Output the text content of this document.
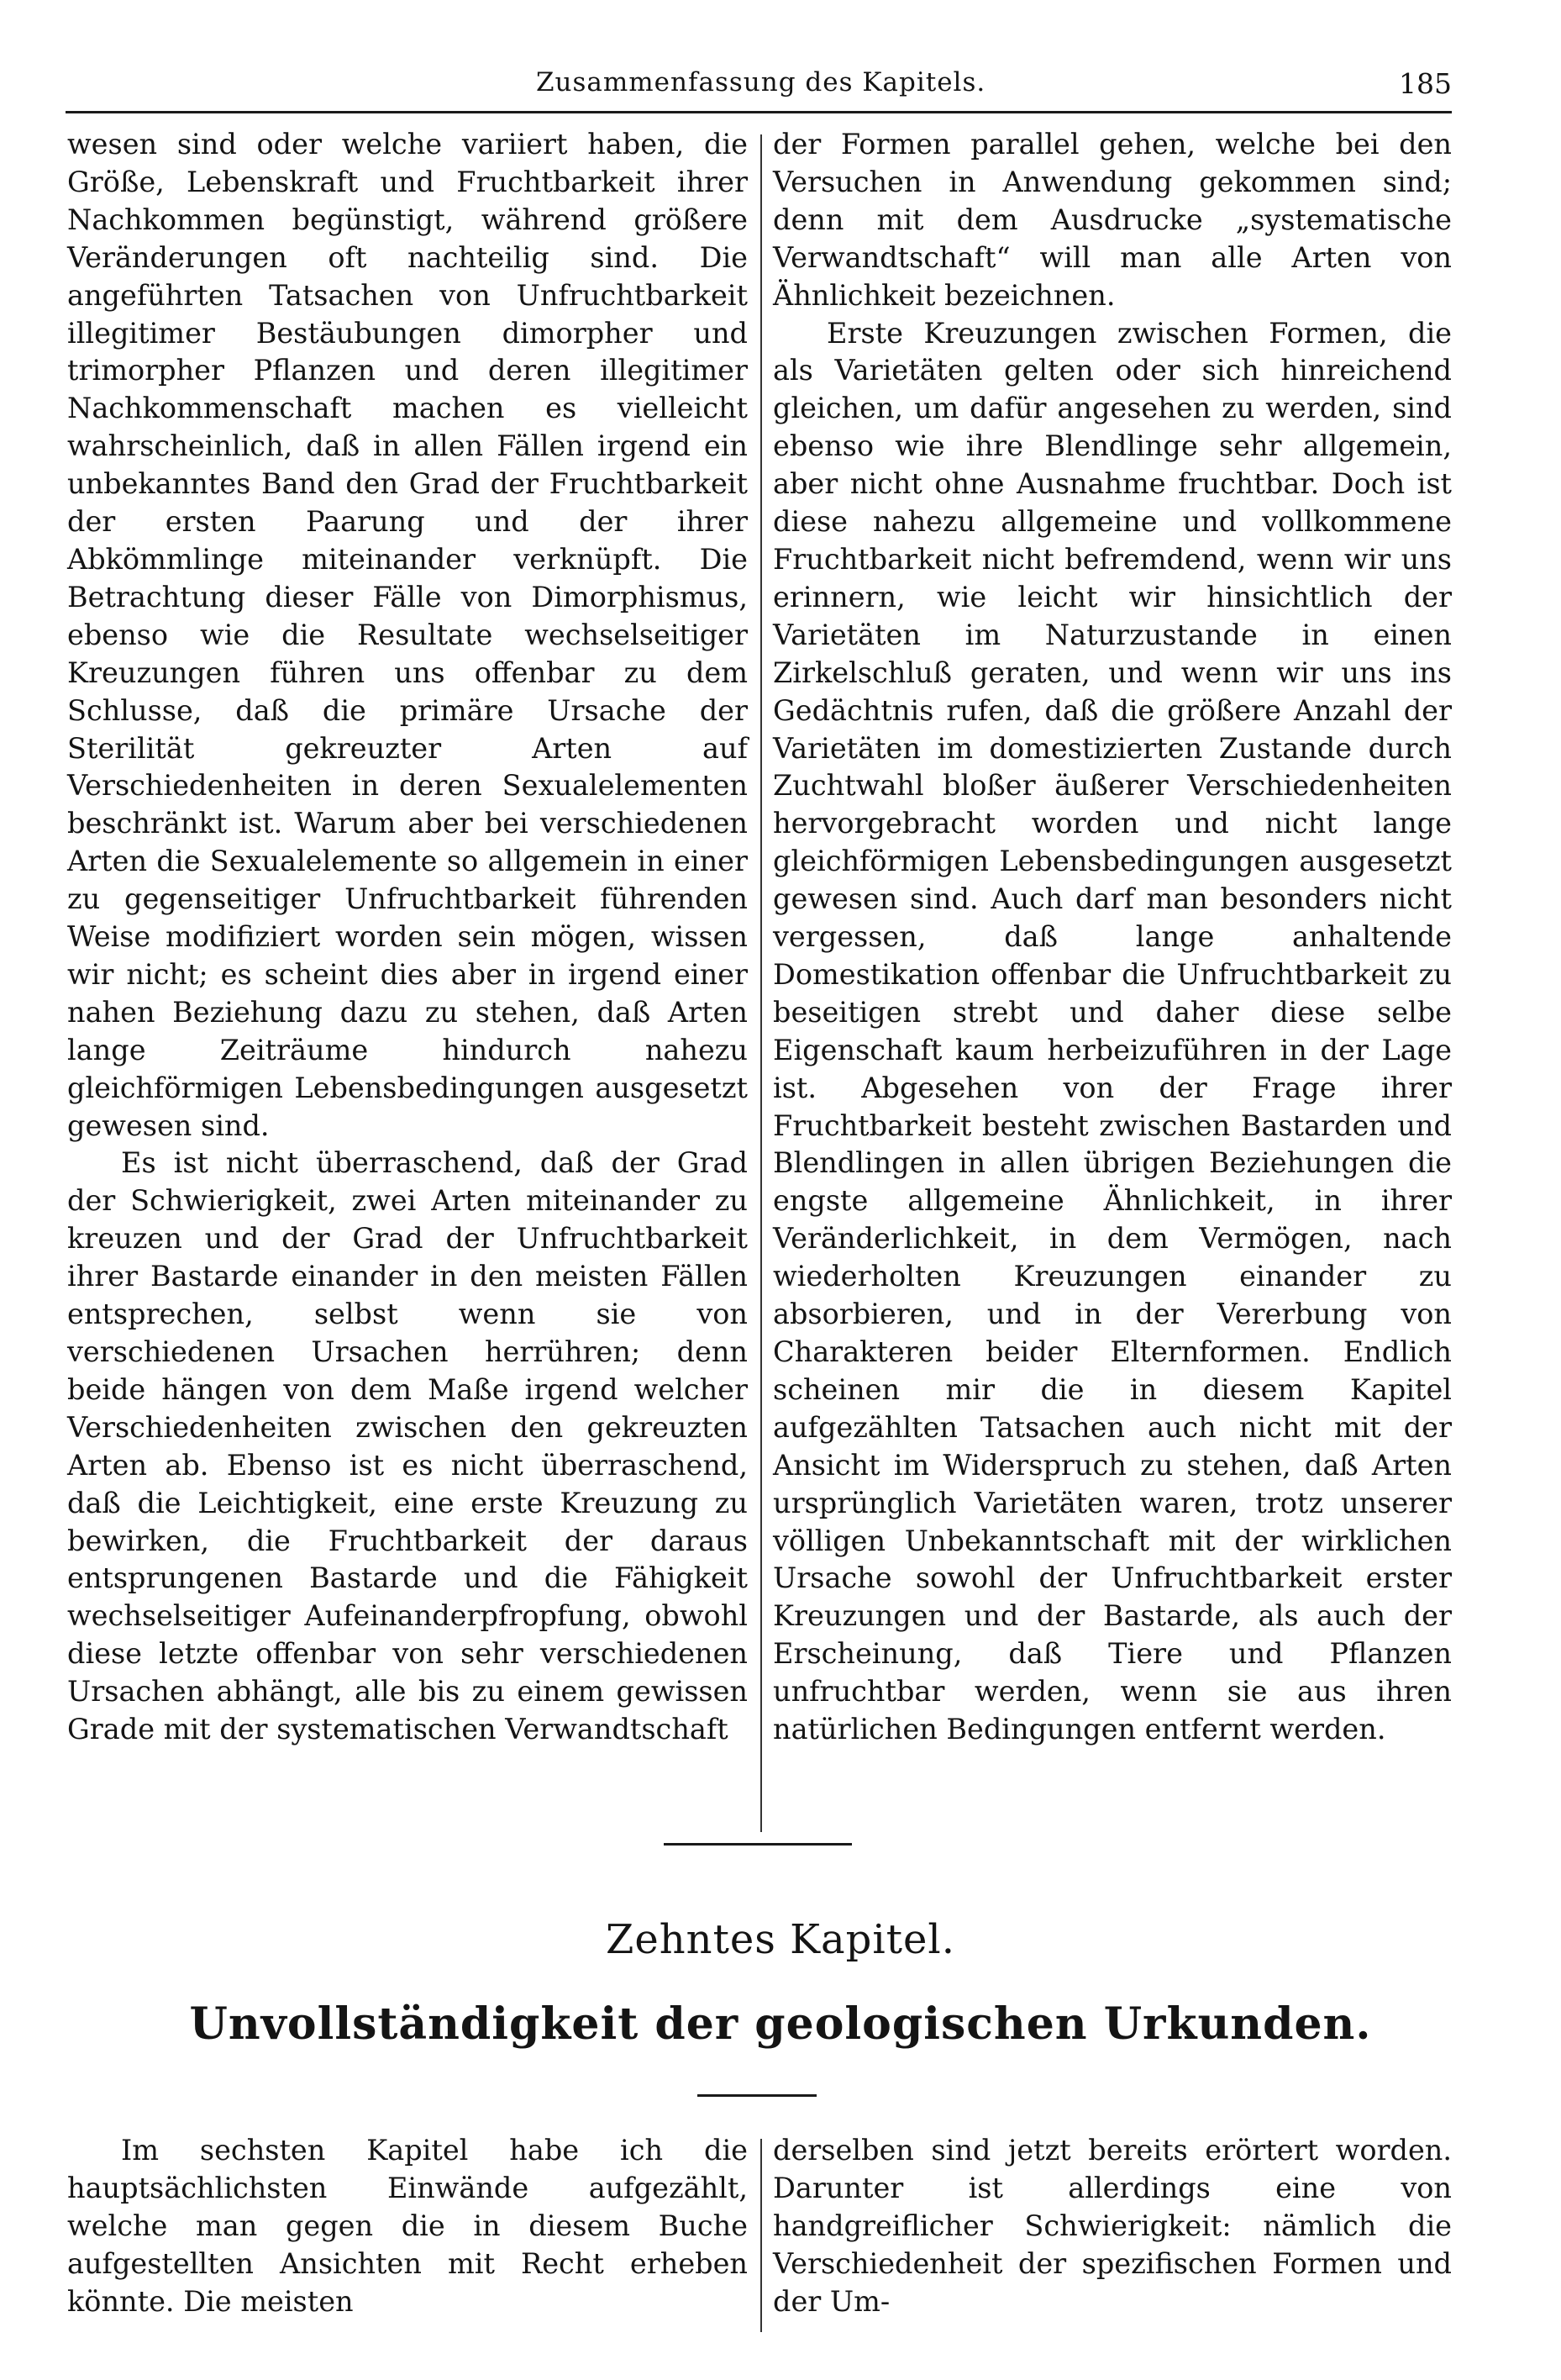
Zusammenfassung des Kapitels.	185

wesen sind oder welche variiert haben, die Größe, Lebenskraft und Fruchtbarkeit ihrer Nachkommen begünstigt, während größere Veränderungen oft nachteilig sind. Die angeführten Tatsachen von Unfruchtbarkeit illegitimer Bestäubungen dimorpher und trimorpher Pflanzen und deren illegitimer Nachkommenschaft machen es vielleicht wahrscheinlich, daß in allen Fällen irgend ein unbekanntes Band den Grad der Fruchtbarkeit der ersten Paarung und der ihrer Abkömmlinge miteinander verknüpft. Die Betrachtung dieser Fälle von Dimorphismus, ebenso wie die Resultate wechselseitiger Kreuzungen führen uns offenbar zu dem Schlusse, daß die primäre Ursache der Sterilität gekreuzter Arten auf Verschiedenheiten in deren Sexualelementen beschränkt ist. Warum aber bei verschiedenen Arten die Sexualelemente so allgemein in einer zu gegenseitiger Unfruchtbarkeit führenden Weise modifiziert worden sein mögen, wissen wir nicht; es scheint dies aber in irgend einer nahen Beziehung dazu zu stehen, daß Arten lange Zeiträume hindurch nahezu gleichförmigen Lebensbedingungen ausgesetzt gewesen sind.

Es ist nicht überraschend, daß der Grad der Schwierigkeit, zwei Arten miteinander zu kreuzen und der Grad der Unfruchtbarkeit ihrer Bastarde einander in den meisten Fällen entsprechen, selbst wenn sie von verschiedenen Ursachen herrühren; denn beide hängen von dem Maße irgend welcher Verschiedenheiten zwischen den gekreuzten Arten ab. Ebenso ist es nicht überraschend, daß die Leichtigkeit, eine erste Kreuzung zu bewirken, die Fruchtbarkeit der daraus entsprungenen Bastarde und die Fähigkeit wechselseitiger Aufeinanderpfropfung, obwohl diese letzte offenbar von sehr verschiedenen Ursachen abhängt, alle bis zu einem gewissen Grade mit der systematischen Verwandtschaft

der Formen parallel gehen, welche bei den Versuchen in Anwendung gekommen sind; denn mit dem Ausdrucke „systematische Verwandtschaft“ will man alle Arten von Ähnlichkeit bezeichnen.

Erste Kreuzungen zwischen Formen, die als Varietäten gelten oder sich hinreichend gleichen, um dafür angesehen zu werden, sind ebenso wie ihre Blendlinge sehr allgemein, aber nicht ohne Ausnahme fruchtbar. Doch ist diese nahezu allgemeine und vollkommene Fruchtbarkeit nicht befremdend, wenn wir uns erinnern, wie leicht wir hinsichtlich der Varietäten im Naturzustande in einen Zirkelschluß geraten, und wenn wir uns ins Gedächtnis rufen, daß die größere Anzahl der Varietäten im domestizierten Zustande durch Zuchtwahl bloßer äußerer Verschiedenheiten hervorgebracht worden und nicht lange gleichförmigen Lebensbedingungen ausgesetzt gewesen sind. Auch darf man besonders nicht vergessen, daß lange anhaltende Domestikation offenbar die Unfruchtbarkeit zu beseitigen strebt und daher diese selbe Eigenschaft kaum herbeizuführen in der Lage ist. Abgesehen von der Frage ihrer Fruchtbarkeit besteht zwischen Bastarden und Blendlingen in allen übrigen Beziehungen die engste allgemeine Ähnlichkeit, in ihrer Veränderlichkeit, in dem Vermögen, nach wiederholten Kreuzungen einander zu absorbieren, und in der Vererbung von Charakteren beider Elternformen. Endlich scheinen mir die in diesem Kapitel aufgezählten Tatsachen auch nicht mit der Ansicht im Widerspruch zu stehen, daß Arten ursprünglich Varietäten waren, trotz unserer völligen Unbekanntschaft mit der wirklichen Ursache sowohl der Unfruchtbarkeit erster Kreuzungen und der Bastarde, als auch der Erscheinung, daß Tiere und Pflanzen unfruchtbar werden, wenn sie aus ihren natürlichen Bedingungen entfernt werden.

Zehntes Kapitel.
Unvollständigkeit der geologischen Urkunden.

Im sechsten Kapitel habe ich die hauptsächlichsten Einwände aufgezählt, welche man gegen die in diesem Buche aufgestellten Ansichten mit Recht erheben könnte. Die meisten

derselben sind jetzt bereits erörtert worden. Darunter ist allerdings eine von handgreiflicher Schwierigkeit: nämlich die Verschiedenheit der spezifischen Formen und der Um-
